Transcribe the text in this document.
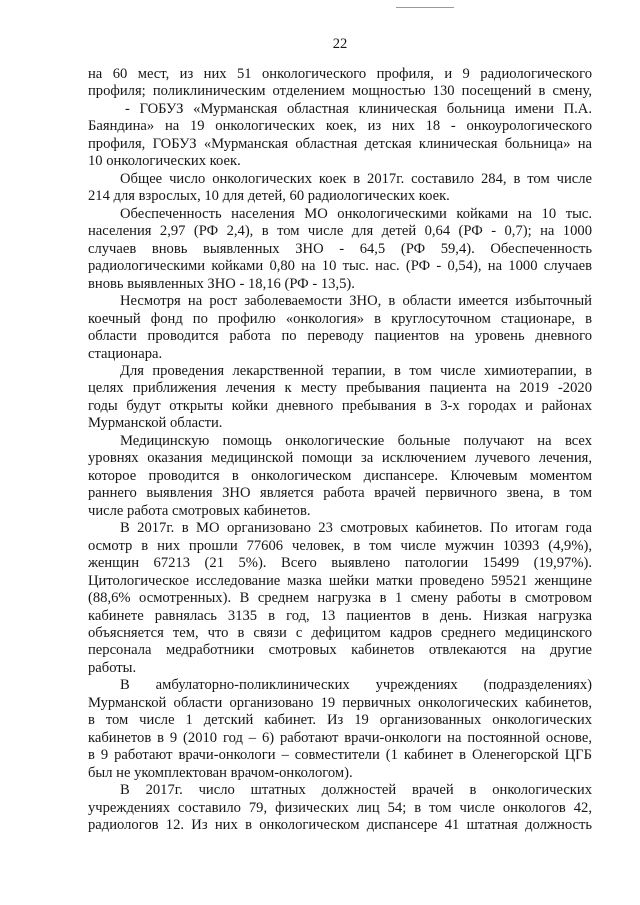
22
на 60 мест, из них 51 онкологического профиля, и 9 радиологического
профиля; поликлиническим отделением мощностью 130 посещений в смену,
- ГОБУЗ «Мурманская областная клиническая больница имени П.А.
Баяндина» на 19 онкологических коек, из них 18 - онкоурологического
профиля, ГОБУЗ «Мурманская областная детская клиническая больница» на
10 онкологических коек.
Общее число онкологических коек в 2017г. составило 284, в том числе
214 для взрослых, 10 для детей, 60 радиологических коек.
Обеспеченность населения МО онкологическими койками на 10 тыс.
населения 2,97 (РФ 2,4), в том числе для детей 0,64 (РФ - 0,7); на 1000
случаев вновь выявленных ЗНО - 64,5 (РФ 59,4). Обеспеченность
радиологическими койками 0,80 на 10 тыс. нас. (РФ - 0,54), на 1000 случаев
вновь выявленных ЗНО - 18,16 (РФ - 13,5).
Несмотря на рост заболеваемости ЗНО, в области имеется избыточный
коечный фонд по профилю «онкология» в круглосуточном стационаре, в
области проводится работа по переводу пациентов на уровень дневного
стационара.
Для проведения лекарственной терапии, в том числе химиотерапии, в
целях приближения лечения к месту пребывания пациента на 2019 -2020
годы будут открыты койки дневного пребывания в 3-х городах и районах
Мурманской области.
Медицинскую помощь онкологические больные получают на всех
уровнях оказания медицинской помощи за исключением лучевого лечения,
которое проводится в онкологическом диспансере. Ключевым моментом
раннего выявления ЗНО является работа врачей первичного звена, в том
числе работа смотровых кабинетов.
В 2017г. в МО организовано 23 смотровых кабинетов. По итогам года
осмотр в них прошли 77606 человек, в том числе мужчин 10393 (4,9%),
женщин 67213 (21 5%). Всего выявлено патологии 15499 (19,97%).
Цитологическое исследование мазка шейки матки проведено 59521 женщине
(88,6% осмотренных). В среднем нагрузка в 1 смену работы в смотровом
кабинете равнялась 3135 в год, 13 пациентов в день. Низкая нагрузка
объясняется тем, что в связи с дефицитом кадров среднего медицинского
персонала медработники смотровых кабинетов отвлекаются на другие
работы.
В амбулаторно-поликлинических учреждениях (подразделениях)
Мурманской области организовано 19 первичных онкологических кабинетов,
в том числе 1 детский кабинет. Из 19 организованных онкологических
кабинетов в 9 (2010 год – 6) работают врачи-онкологи на постоянной основе,
в 9 работают врачи-онкологи – совместители (1 кабинет в Оленегорской ЦГБ
был не укомплектован врачом-онкологом).
В 2017г. число штатных должностей врачей в онкологических
учреждениях составило 79, физических лиц 54; в том числе онкологов 42,
радиологов 12. Из них в онкологическом диспансере 41 штатная должность
